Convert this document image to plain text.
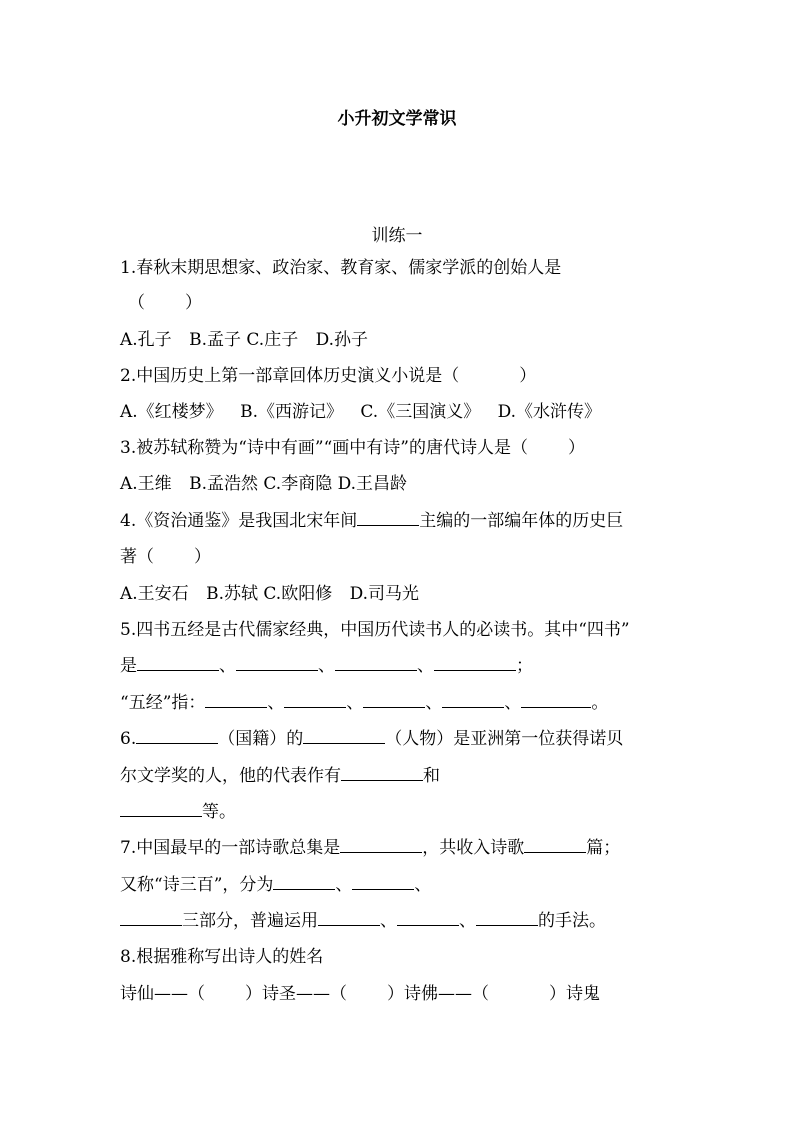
小升初文学常识
训练一
1.春秋末期思想家、政治家、教育家、儒家学派的创始人是
（ ）
A.孔子 B.孟子 C.庄子 D.孙子
2.中国历史上第一部章回体历史演义小说是（	）
A.《红楼梦》 B.《西游记》 C.《三国演义》 D.《水浒传》
3.被苏轼称赞为“诗中有画”“画中有诗”的唐代诗人是（ ）
A.王维 B.孟浩然 C.李商隐 D.王昌龄
4.《资治通鉴》是我国北宋年间	主编的一部编年体的历史巨
著（ ）
A.王安石 B.苏轼 C.欧阳修 D.司马光
5.四书五经是古代儒家经典，中国历代读书人的必读书。其中“四书”
是	、	、	、	；
“五经”指：	、	、	、	、	。
6.	（国籍）的	（人物）是亚洲第一位获得诺贝
尔文学奖的人，他的代表作有	和
等。
7.中国最早的一部诗歌总集是	，共收入诗歌	篇；
又称“诗三百”，分为	、	、
三部分，普遍运用	、	、	的手法。
8.根据雅称写出诗人的姓名
诗仙——（ ）诗圣——（ ）诗佛——（	）诗鬼
